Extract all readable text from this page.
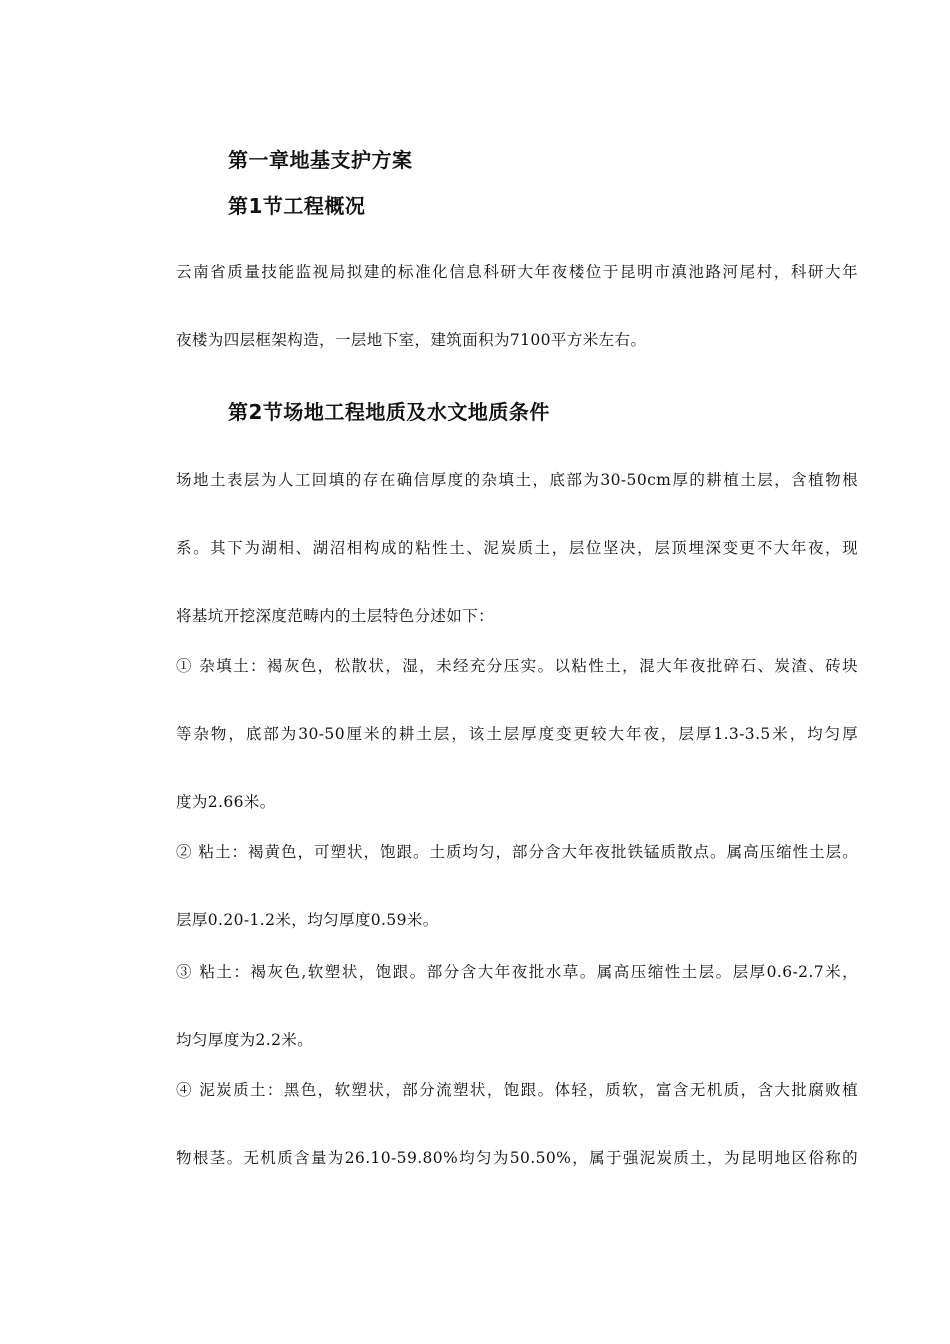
第一章地基支护方案
第1节工程概况
云南省质量技能监视局拟建的标准化信息科研大年夜楼位于昆明市滇池路河尾村，科研大年
夜楼为四层框架构造，一层地下室，建筑面积为7100平方米左右。
第2节场地工程地质及水文地质条件
场地土表层为人工回填的存在确信厚度的杂填土，底部为30-50cm厚的耕植土层，含植物根
系。其下为湖相、湖沼相构成的粘性土、泥炭质土，层位坚决，层顶埋深变更不大年夜，现
将基坑开挖深度范畴内的土层特色分述如下：
① 杂填土：褐灰色，松散状，湿，未经充分压实。以粘性土，混大年夜批碎石、炭渣、砖块
等杂物，底部为30-50厘米的耕土层，该土层厚度变更较大年夜，层厚1.3-3.5米，均匀厚
度为2.66米。
② 粘土：褐黄色，可塑状，饱跟。土质均匀，部分含大年夜批铁锰质散点。属高压缩性土层。
层厚0.20-1.2米，均匀厚度0.59米。
③ 粘土：褐灰色,软塑状，饱跟。部分含大年夜批水草。属高压缩性土层。层厚0.6-2.7米，
均匀厚度为2.2米。
④ 泥炭质土：黑色，软塑状，部分流塑状，饱跟。体轻，质软，富含无机质，含大批腐败植
物根茎。无机质含量为26.10-59.80%均匀为50.50%，属于强泥炭质土，为昆明地区俗称的
